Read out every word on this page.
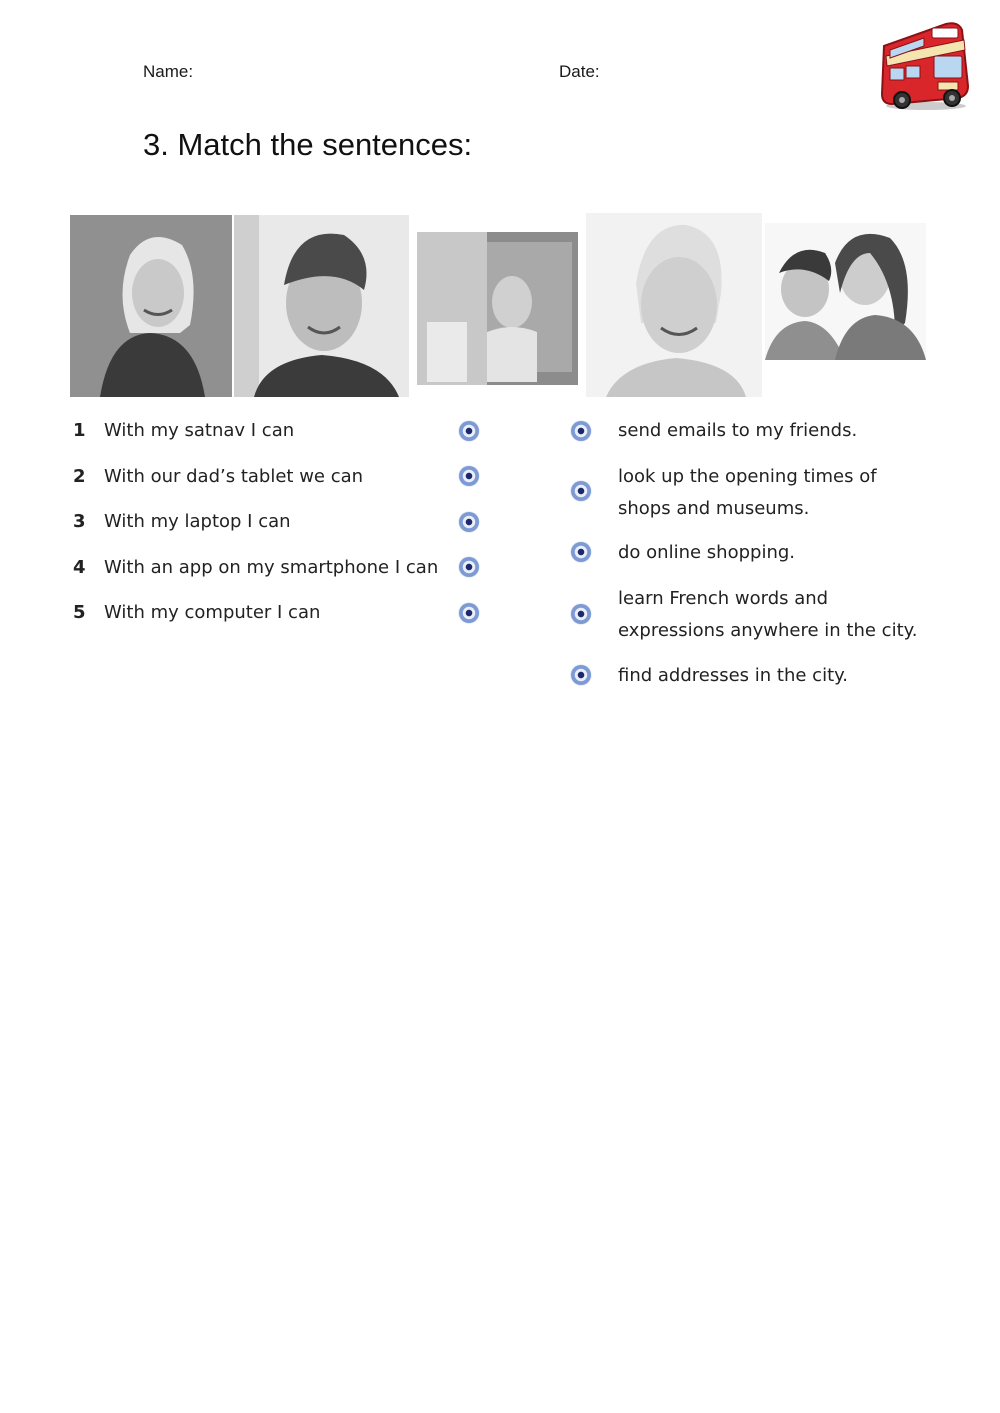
Name:	Date:
3. Match the sentences:
1 With my satnav I can
2 With our dad’s tablet we can
3 With my laptop I can
4 With an app on my smartphone I can
5 With my computer I can
send emails to my friends.
look up the opening times of
shops and museums.
do online shopping.
learn French words and
expressions anywhere in the city.
find addresses in the city.
